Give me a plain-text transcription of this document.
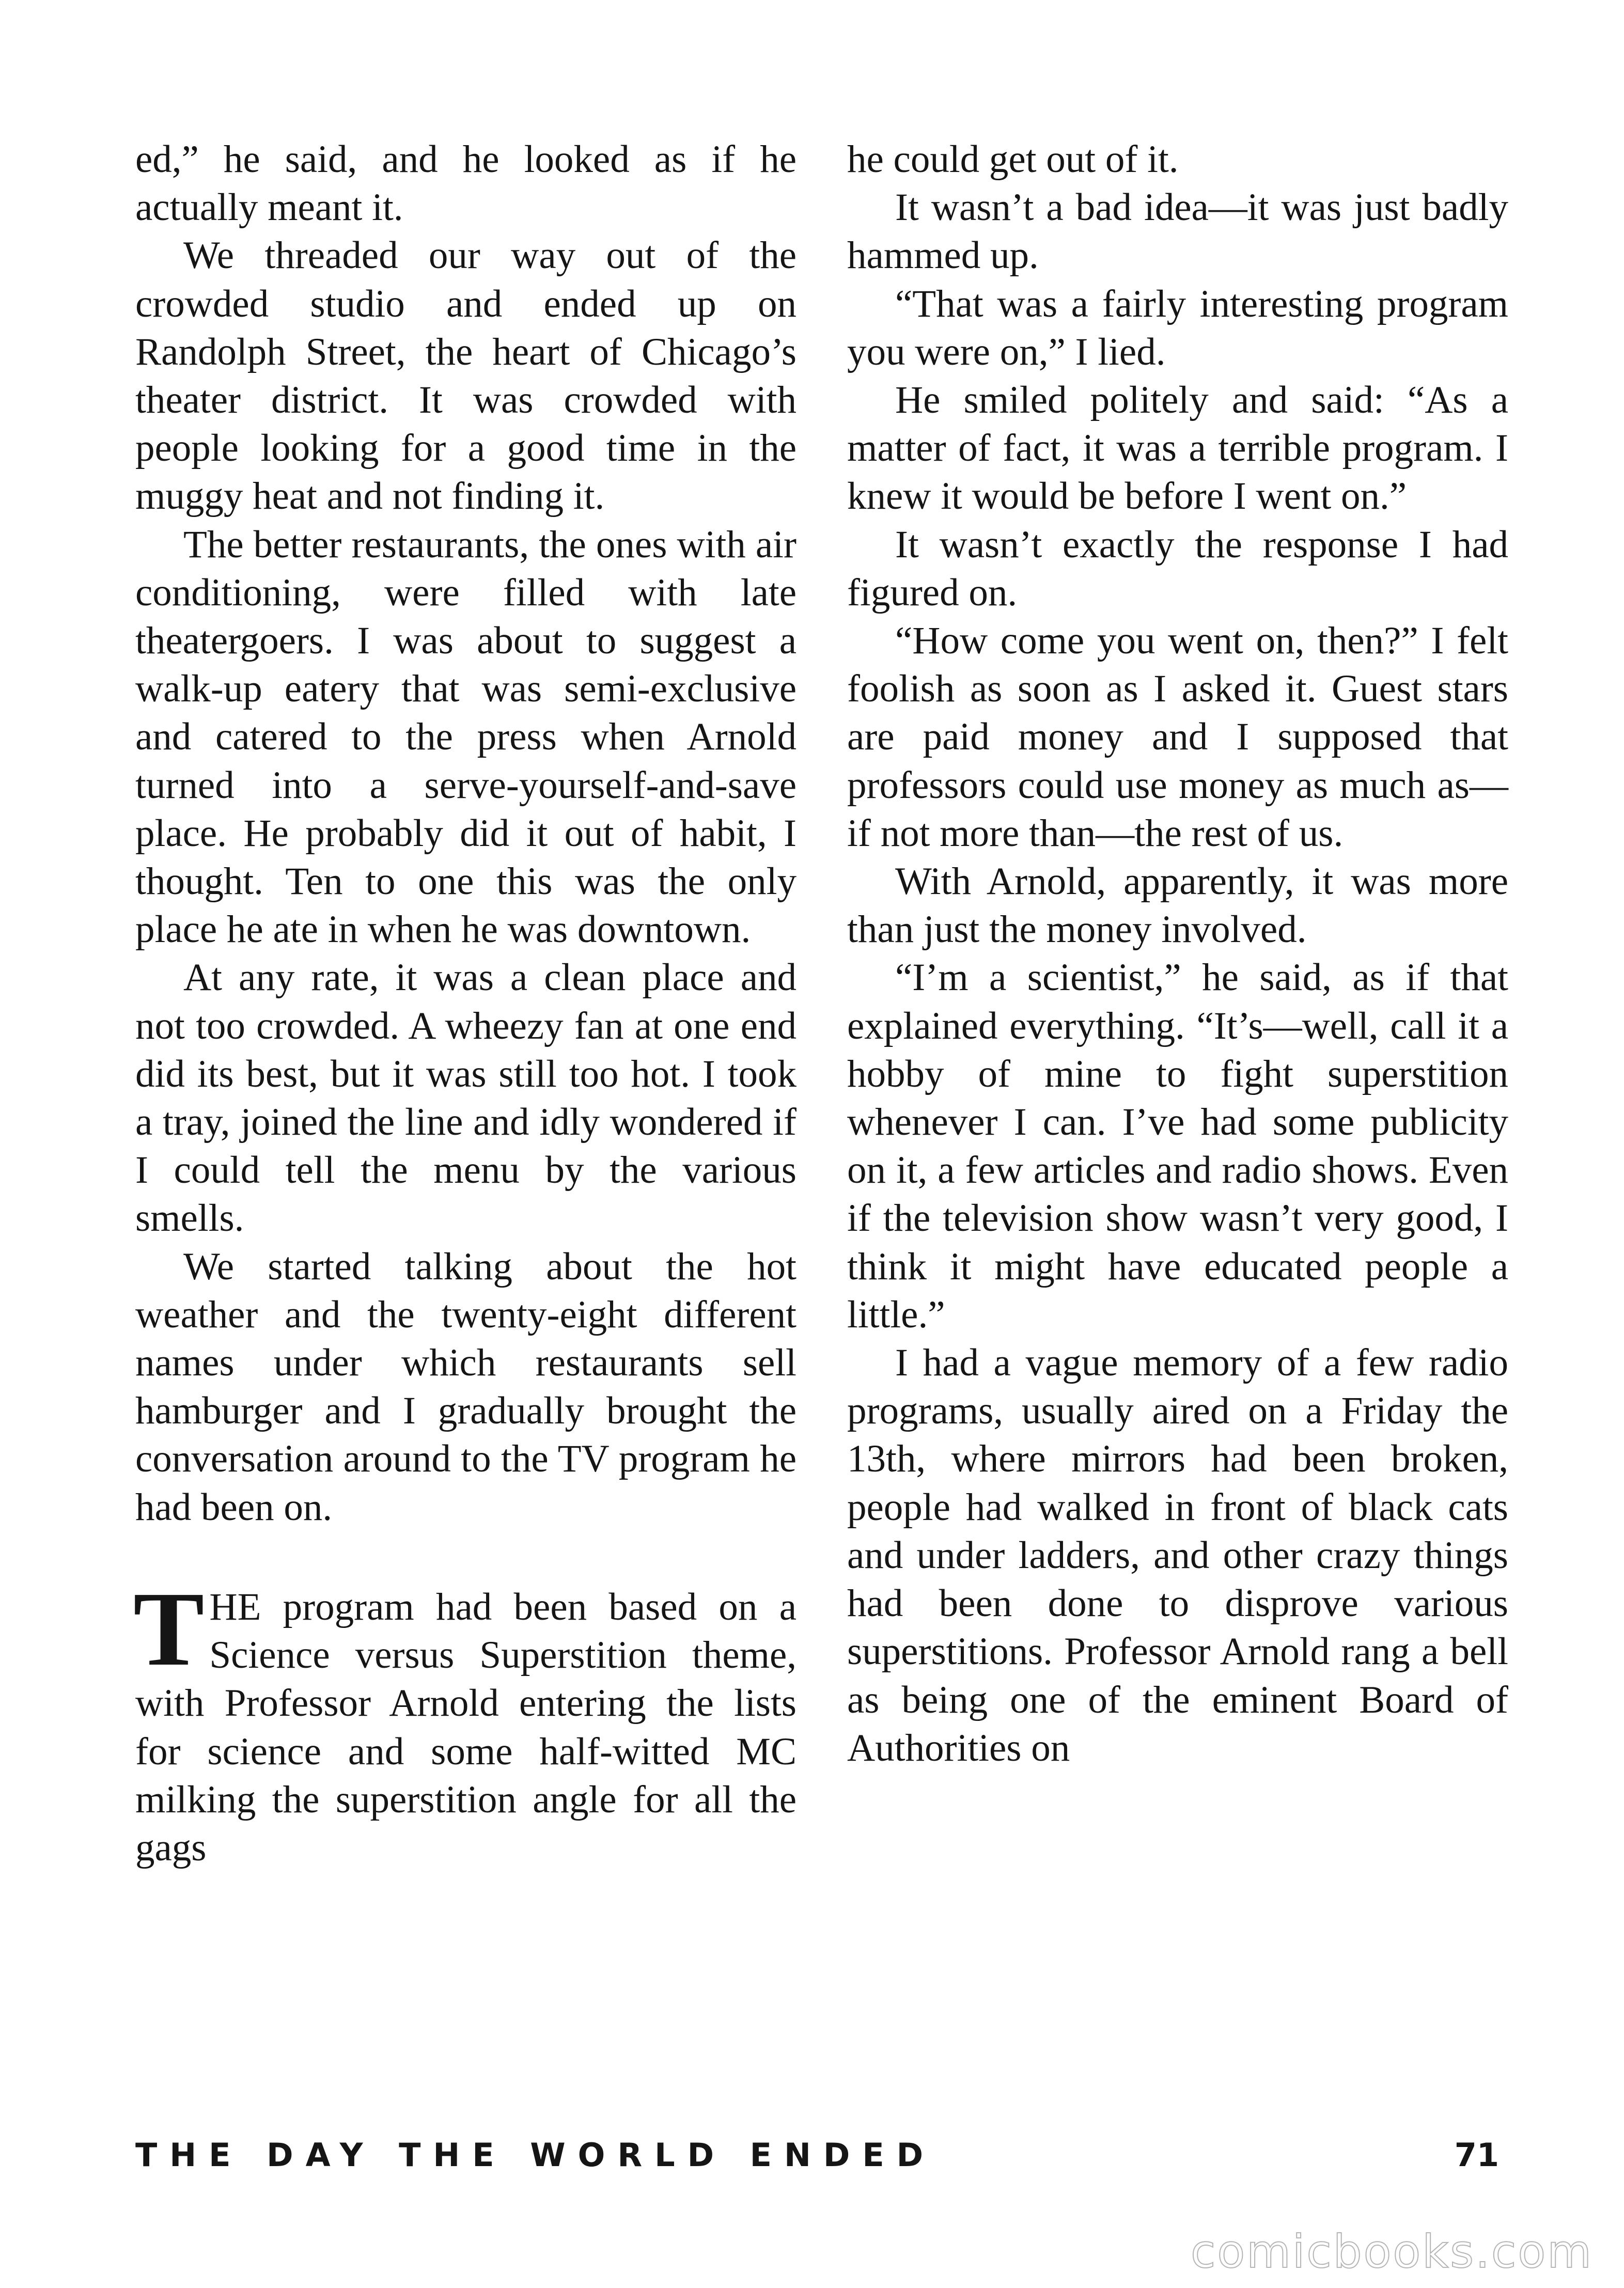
ed,” he said, and he looked as if he actually meant it.

We threaded our way out of the crowded studio and ended up on Randolph Street, the heart of Chicago’s theater district. It was crowded with people looking for a good time in the muggy heat and not finding it.

The better restaurants, the ones with air conditioning, were filled with late theatergoers. I was about to suggest a walk-up eatery that was semi-exclusive and catered to the press when Arnold turned into a serve-yourself-and-save place. He probably did it out of habit, I thought. Ten to one this was the only place he ate in when he was downtown.

At any rate, it was a clean place and not too crowded. A wheezy fan at one end did its best, but it was still too hot. I took a tray, joined the line and idly wondered if I could tell the menu by the various smells.

We started talking about the hot weather and the twenty-eight different names under which restaurants sell hamburger and I gradually brought the conversation around to the TV program he had been on.

THE program had been based on a Science versus Superstition theme, with Professor Arnold entering the lists for science and some half-witted MC milking the superstition angle for all the gags

he could get out of it.

It wasn’t a bad idea—it was just badly hammed up.

“That was a fairly interesting program you were on,” I lied.

He smiled politely and said: “As a matter of fact, it was a terrible program. I knew it would be before I went on.”

It wasn’t exactly the response I had figured on.

“How come you went on, then?” I felt foolish as soon as I asked it. Guest stars are paid money and I supposed that professors could use money as much as—if not more than—the rest of us.

With Arnold, apparently, it was more than just the money involved.

“I’m a scientist,” he said, as if that explained everything. “It’s—well, call it a hobby of mine to fight superstition whenever I can. I’ve had some publicity on it, a few articles and radio shows. Even if the television show wasn’t very good, I think it might have educated people a little.”

I had a vague memory of a few radio programs, usually aired on a Friday the 13th, where mirrors had been broken, people had walked in front of black cats and under ladders, and other crazy things had been done to disprove various superstitions. Professor Arnold rang a bell as being one of the eminent Board of Authorities on

THE DAY THE WORLD ENDED	71
comicbooks.com
